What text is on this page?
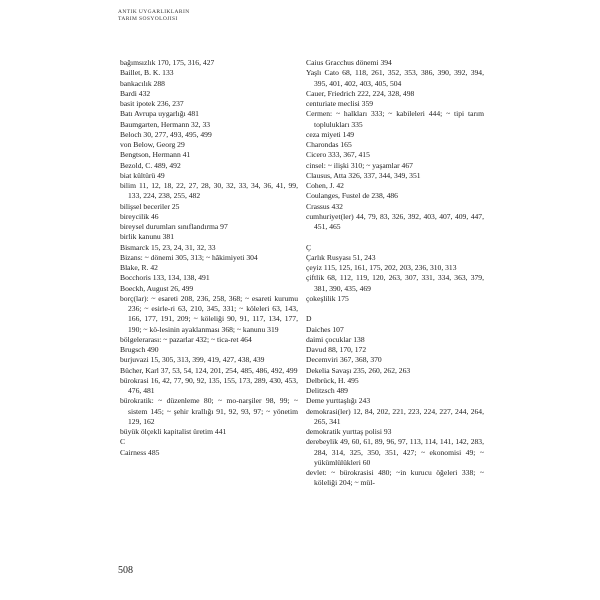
ANTIK UYGARLIKLARIN
TARIM SOSYOLOJISI
bağımsızlık 170, 175, 316, 427
Baillet, B. K. 133
bankacılık 288
Bardi 432
basit ipotek 236, 237
Batı Avrupa uygarlığı 481
Baumgarten, Hermann 32, 33
Beloch 30, 277, 493, 495, 499
von Below, Georg 29
Bengtson, Hermann 41
Bezold, C. 489, 492
biat kültürü 49
bilim 11, 12, 18, 22, 27, 28, 30, 32, 33, 34, 36, 41, 99, 133, 224, 238, 255, 482
bilişsel beceriler 25
bireycilik 46
bireysel durumları sınıflandırma 97
birlik kanunu 381
Bismarck 15, 23, 24, 31, 32, 33
Bizans: ~ dönemi 305, 313; ~ hâkimiyeti 304
Blake, R. 42
Bocchoris 133, 134, 138, 491
Boeckh, August 26, 499
borç(lar): ~ esareti 208, 236, 258, 368; ~ esareti kurumu 236; ~ esirle-ri 63, 210, 345, 331; ~ köleleri 63, 143, 166, 177, 191, 209; ~ köleliği 90, 91, 117, 134, 177, 190; ~ kö-lesinin ayaklanması 368; ~ kanunu 319
bölgelerarası: ~ pazarlar 432; ~ tica-ret 464
Brugsch 490
burjuvazi 15, 305, 313, 399, 419, 427, 438, 439
Bücher, Karl 37, 53, 54, 124, 201, 254, 485, 486, 492, 499
bürokrasi 16, 42, 77, 90, 92, 135, 155, 173, 289, 430, 453, 476, 481
bürokratik: ~ düzenleme 80; ~ mo-narşiler 98, 99; ~ sistem 145; ~ şehir krallığı 91, 92, 93, 97; ~ yönetim 129, 162
büyük ölçekli kapitalist üretim 441
C
Cairness 485
Caius Gracchus dönemi 394
Yaşlı Cato 68, 118, 261, 352, 353, 386, 390, 392, 394, 395, 401, 402, 403, 405, 504
Cauer, Friedrich 222, 224, 328, 498
centuriate meclisi 359
Cermen: ~ halkları 333; ~ kabileleri 444; ~ tipi tarım toplulukları 335
ceza miyeti 149
Charondas 165
Cicero 333, 367, 415
cinsel: ~ ilişki 310; ~ yaşamlar 467
Clausus, Atta 326, 337, 344, 349, 351
Cohen, J. 42
Coulanges, Fustel de 238, 486
Crassus 432
cumhuriyet(ler) 44, 79, 83, 326, 392, 403, 407, 409, 447, 451, 465
Ç
Çarlık Rusyası 51, 243
çeyiz 115, 125, 161, 175, 202, 203, 236, 310, 313
çiftlik 68, 112, 119, 120, 263, 307, 331, 334, 363, 379, 381, 390, 435, 469
çokeşlilik 175
D
Daiches 107
daimi çocuklar 138
Davud 88, 170, 172
Decemviri 367, 368, 370
Dekelia Savaşı 235, 260, 262, 263
Delbrück, H. 495
Delitzsch 489
Deme yurttaşlığı 243
demokrasi(ler) 12, 84, 202, 221, 223, 224, 227, 244, 264, 265, 341
demokratik yurttaş polisi 93
derebeylik 49, 60, 61, 89, 96, 97, 113, 114, 141, 142, 283, 284, 314, 325, 350, 351, 427; ~ ekonomisi 49; ~ yükümlülükleri 60
devlet: ~ bürokrasisi 480; ~in kurucu öğeleri 338; ~ köleliği 204; ~ mül-
508
